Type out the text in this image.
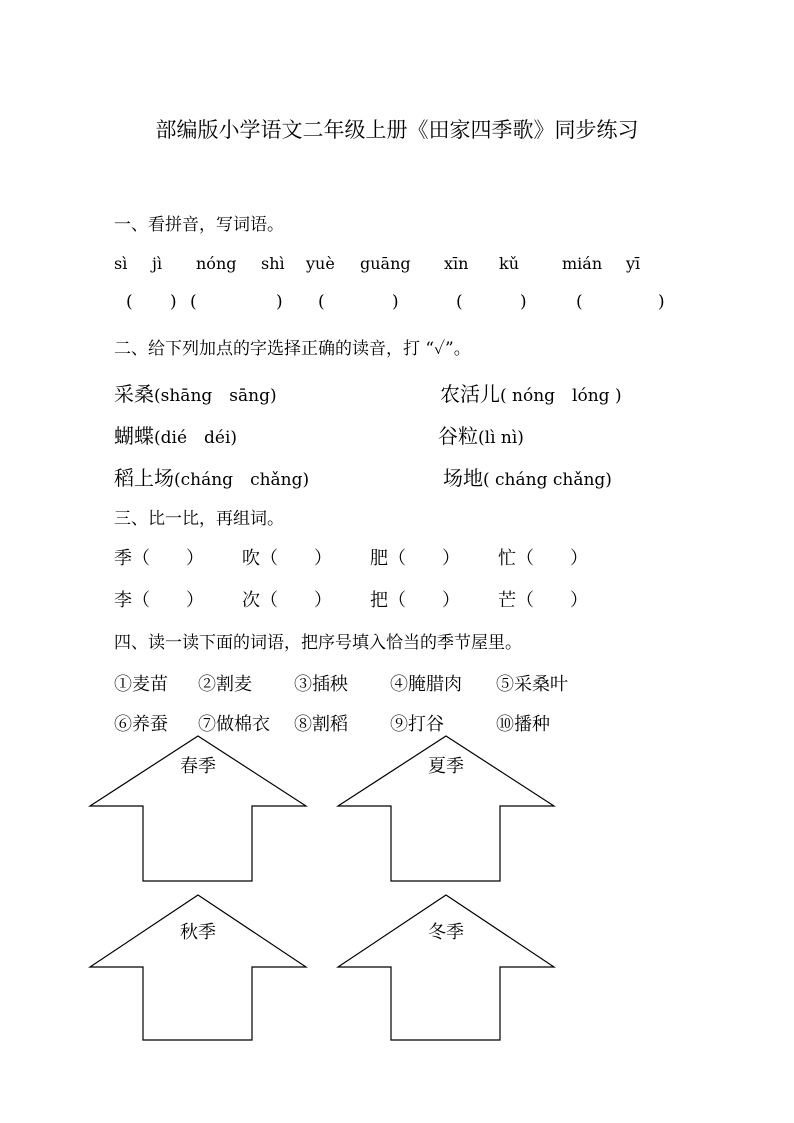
部编版小学语文二年级上册《田家四季歌》同步练习
一、看拼音，写词语。
sì jì nóng shì yuè guāng xīn kǔ	mián yī
( ) (	) (	)	(	)	(	)
二、给下列加点的字选择正确的读音，打 “✓”。
采桑(shāng　sāng)	农活儿( nóng　lóng )
蝴蝶(dié　déi)	谷粒(lì nì)
稻上场(cháng　chǎng)	场地( cháng chǎng)
三、比一比，再组词。
季（　　） 吹（　　） 肥（　　） 忙（　　）
李（　　） 次（　　） 把（　　） 芒（　　）
四、读一读下面的词语，把序号填入恰当的季节屋里。
①麦苗 ②割麦 ③插秧 ④腌腊肉 ⑤采桑叶
⑥养蚕 ⑦做棉衣 ⑧割稻 ⑨打谷	⑩播种
春季	夏季
秋季	冬季
